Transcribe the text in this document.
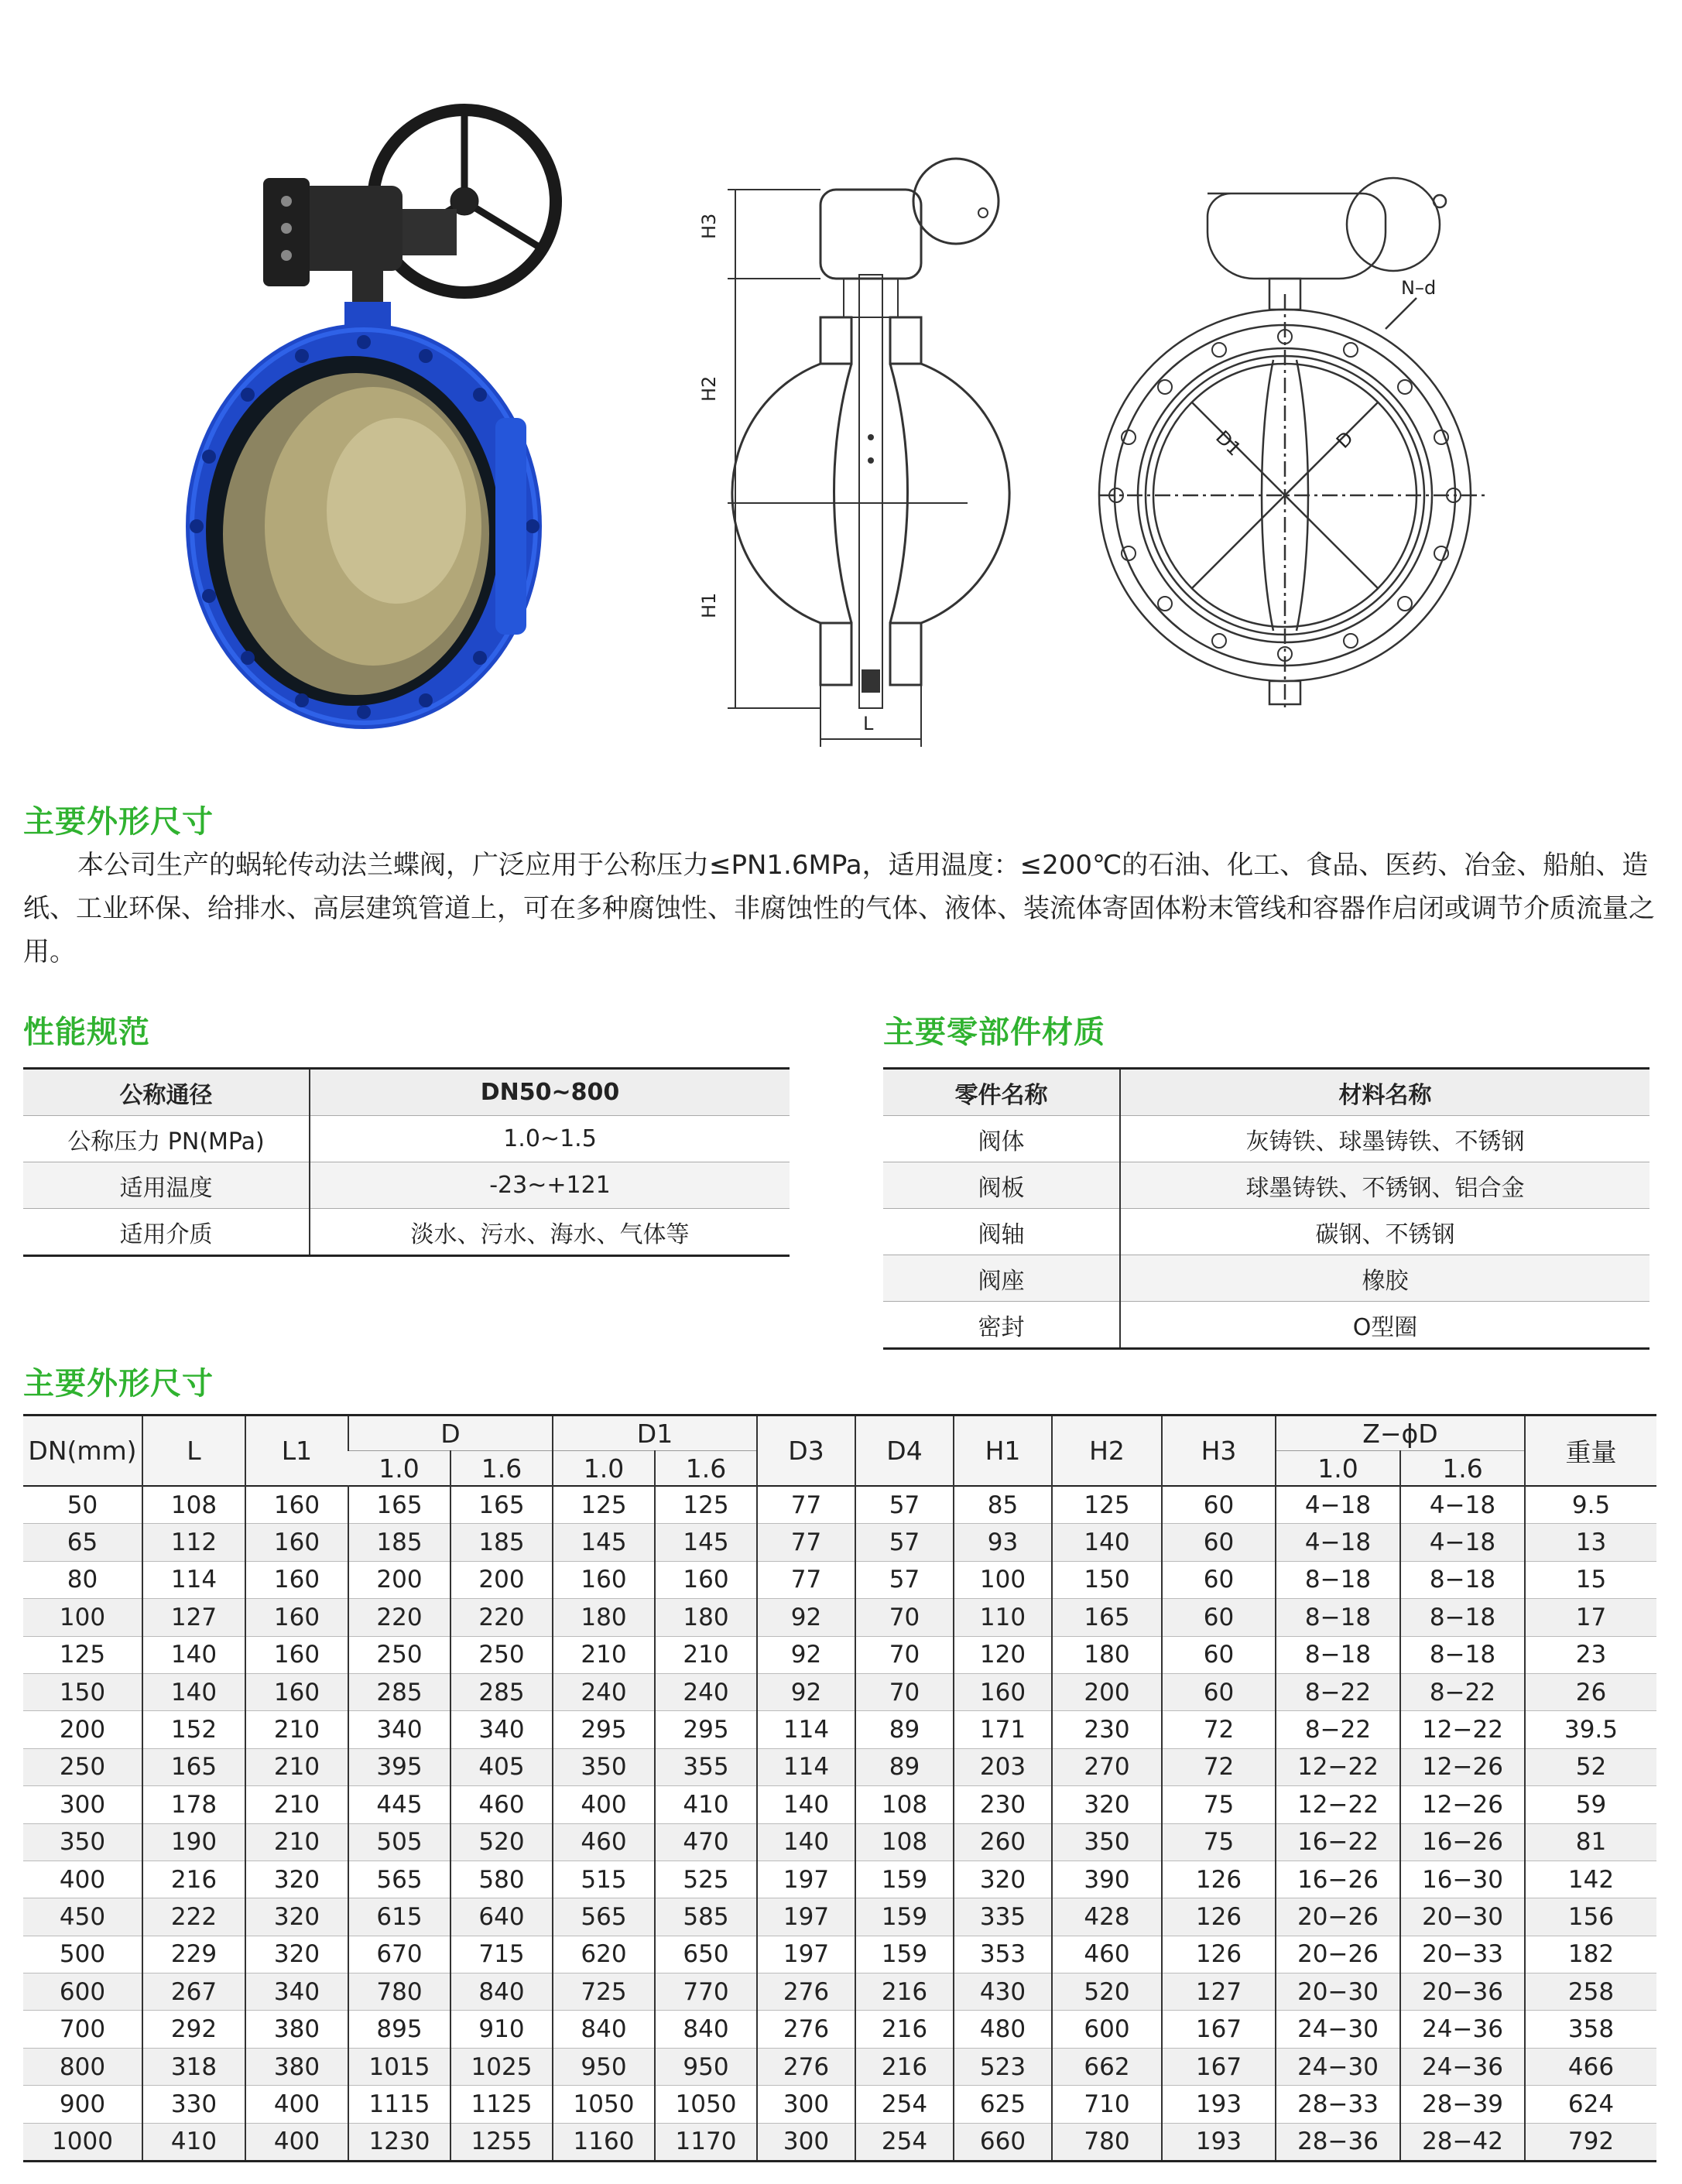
H3
H2
H1
L
N–d
D1	D
主要外形尺寸
本公司生产的蜗轮传动法兰蝶阀，广泛应用于公称压力≤PN1.6MPa，适用温度：≤200℃的石油、化工、食品、医药、冶金、船舶、造纸、工业环保、给排水、高层建筑管道上，可在多种腐蚀性、非腐蚀性的气体、液体、装流体寄固体粉末管线和容器作启闭或调节介质流量之用。
性能规范
公称通径	DN50~800
公称压力 PN(MPa)	1.0~1.5
适用温度	-23~+121
适用介质	淡水、污水、海水、气体等
主要零部件材质
零件名称	材料名称
阀体	灰铸铁、球墨铸铁、不锈钢
阀板	球墨铸铁、不锈钢、铝合金
阀轴	碳钢、不锈钢
阀座	橡胶
密封	O型圈
主要外形尺寸
DN(mm)	L	L1	D		D1		D3	D4	H1	H2	H3	Z−ϕD		重量
			1.0	1.6	1.0	1.6						1.0	1.6	
50	108	160	165	165	125	125	77	57	85	125	60	4−18	4−18	9.5
65	112	160	185	185	145	145	77	57	93	140	60	4−18	4−18	13
80	114	160	200	200	160	160	77	57	100	150	60	8−18	8−18	15
100	127	160	220	220	180	180	92	70	110	165	60	8−18	8−18	17
125	140	160	250	250	210	210	92	70	120	180	60	8−18	8−18	23
150	140	160	285	285	240	240	92	70	160	200	60	8−22	8−22	26
200	152	210	340	340	295	295	114	89	171	230	72	8−22	12−22	39.5
250	165	210	395	405	350	355	114	89	203	270	72	12−22	12−26	52
300	178	210	445	460	400	410	140	108	230	320	75	12−22	12−26	59
350	190	210	505	520	460	470	140	108	260	350	75	16−22	16−26	81
400	216	320	565	580	515	525	197	159	320	390	126	16−26	16−30	142
450	222	320	615	640	565	585	197	159	335	428	126	20−26	20−30	156
500	229	320	670	715	620	650	197	159	353	460	126	20−26	20−33	182
600	267	340	780	840	725	770	276	216	430	520	127	20−30	20−36	258
700	292	380	895	910	840	840	276	216	480	600	167	24−30	24−36	358
800	318	380	1015	1025	950	950	276	216	523	662	167	24−30	24−36	466
900	330	400	1115	1125	1050	1050	300	254	625	710	193	28−33	28−39	624
1000	410	400	1230	1255	1160	1170	300	254	660	780	193	28−36	28−42	792
